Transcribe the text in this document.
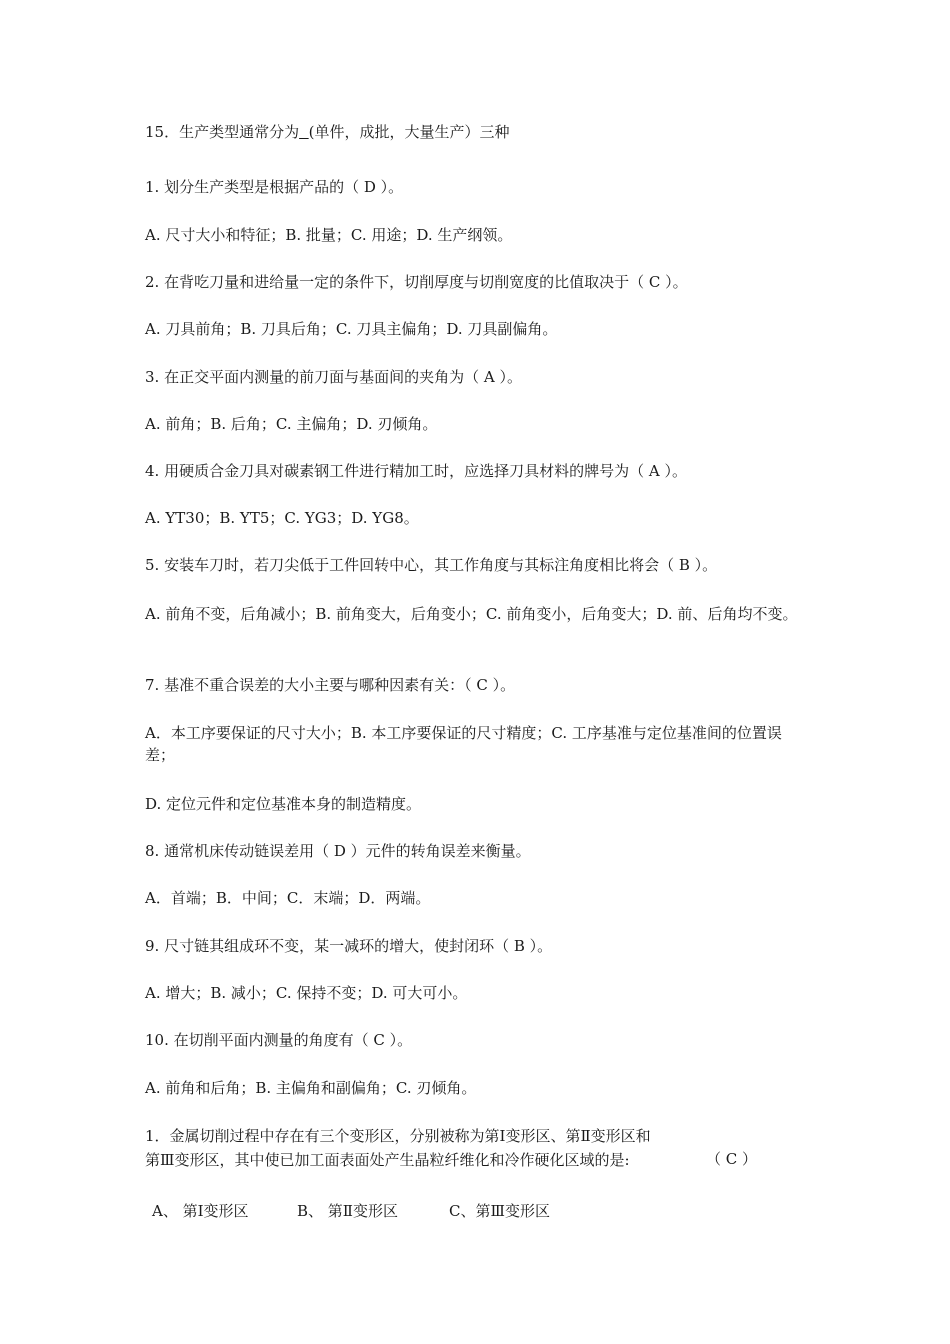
15．生产类型通常分为 (单件，成批，大量生产）三种
1. 划分生产类型是根据产品的（ D ）。
A. 尺寸大小和特征；B. 批量；C. 用途；D. 生产纲领。
2. 在背吃刀量和进给量一定的条件下，切削厚度与切削宽度的比值取决于（ C ）。
A. 刀具前角；B. 刀具后角；C. 刀具主偏角；D. 刀具副偏角。
3. 在正交平面内测量的前刀面与基面间的夹角为（ A ）。
A. 前角；B. 后角；C. 主偏角；D. 刃倾角。
4. 用硬质合金刀具对碳素钢工件进行精加工时，应选择刀具材料的牌号为（ A ）。
A. YT30；B. YT5；C. YG3；D. YG8。
5. 安装车刀时，若刀尖低于工件回转中心，其工作角度与其标注角度相比将会（ B ）。
A. 前角不变，后角减小；B. 前角变大，后角变小；C. 前角变小，后角变大；D. 前、后角均不变。
7. 基准不重合误差的大小主要与哪种因素有关：（ C ）。
A．本工序要保证的尺寸大小；B. 本工序要保证的尺寸精度；C. 工序基准与定位基准间的位置误差；
D. 定位元件和定位基准本身的制造精度。
8. 通常机床传动链误差用（ D ）元件的转角误差来衡量。
A．首端；B．中间；C．末端；D．两端。
9. 尺寸链其组成环不变，某一减环的增大，使封闭环（ B ）。
A. 增大；B. 减小；C. 保持不变；D. 可大可小。
10. 在切削平面内测量的角度有（ C ）。
A. 前角和后角；B. 主偏角和副偏角；C. 刃倾角。
1．金属切削过程中存在有三个变形区，分别被称为第Ⅰ变形区、第Ⅱ变形区和第Ⅲ变形区，其中使已加工面表面处产生晶粒纤维化和冷作硬化区域的是:	（ C ）
A、 第Ⅰ变形区	B、 第Ⅱ变形区	C、第Ⅲ变形区
